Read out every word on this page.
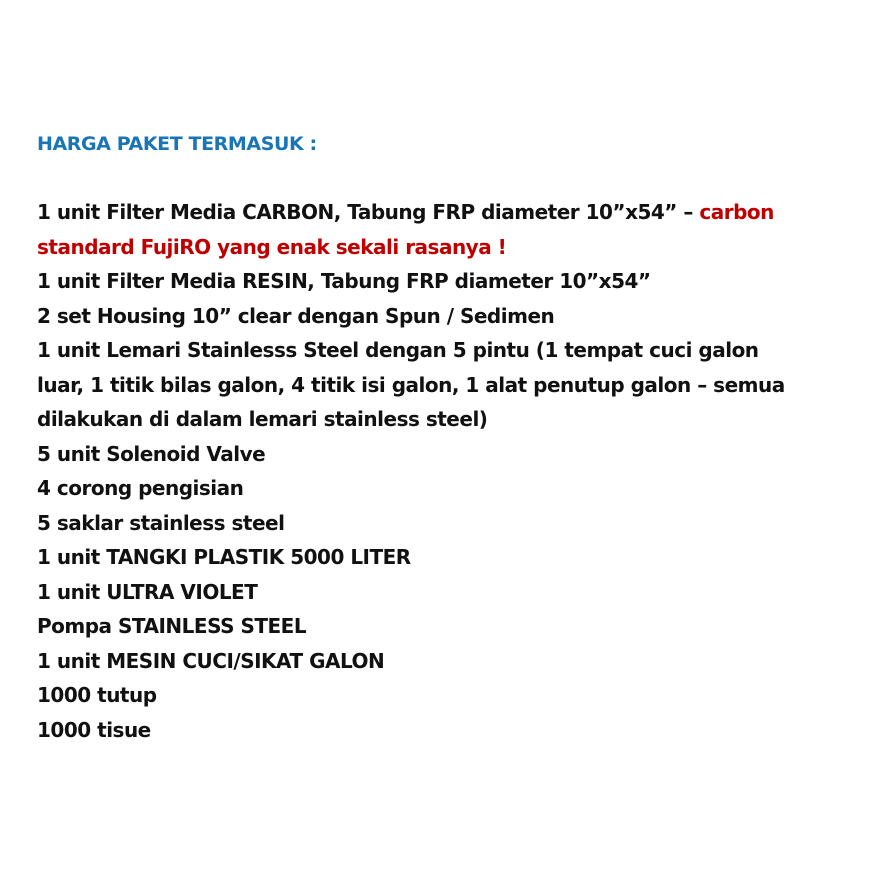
HARGA PAKET TERMASUK :
1 unit Filter Media CARBON, Tabung FRP diameter 10”x54” – carbon
standard FujiRO yang enak sekali rasanya !
1 unit Filter Media RESIN, Tabung FRP diameter 10”x54”
2 set Housing 10” clear dengan Spun / Sedimen
1 unit Lemari Stainlesss Steel dengan 5 pintu (1 tempat cuci galon
luar, 1 titik bilas galon, 4 titik isi galon, 1 alat penutup galon – semua
dilakukan di dalam lemari stainless steel)
5 unit Solenoid Valve
4 corong pengisian
5 saklar stainless steel
1 unit TANGKI PLASTIK 5000 LITER
1 unit ULTRA VIOLET
Pompa STAINLESS STEEL
1 unit MESIN CUCI/SIKAT GALON
1000 tutup
1000 tisue
